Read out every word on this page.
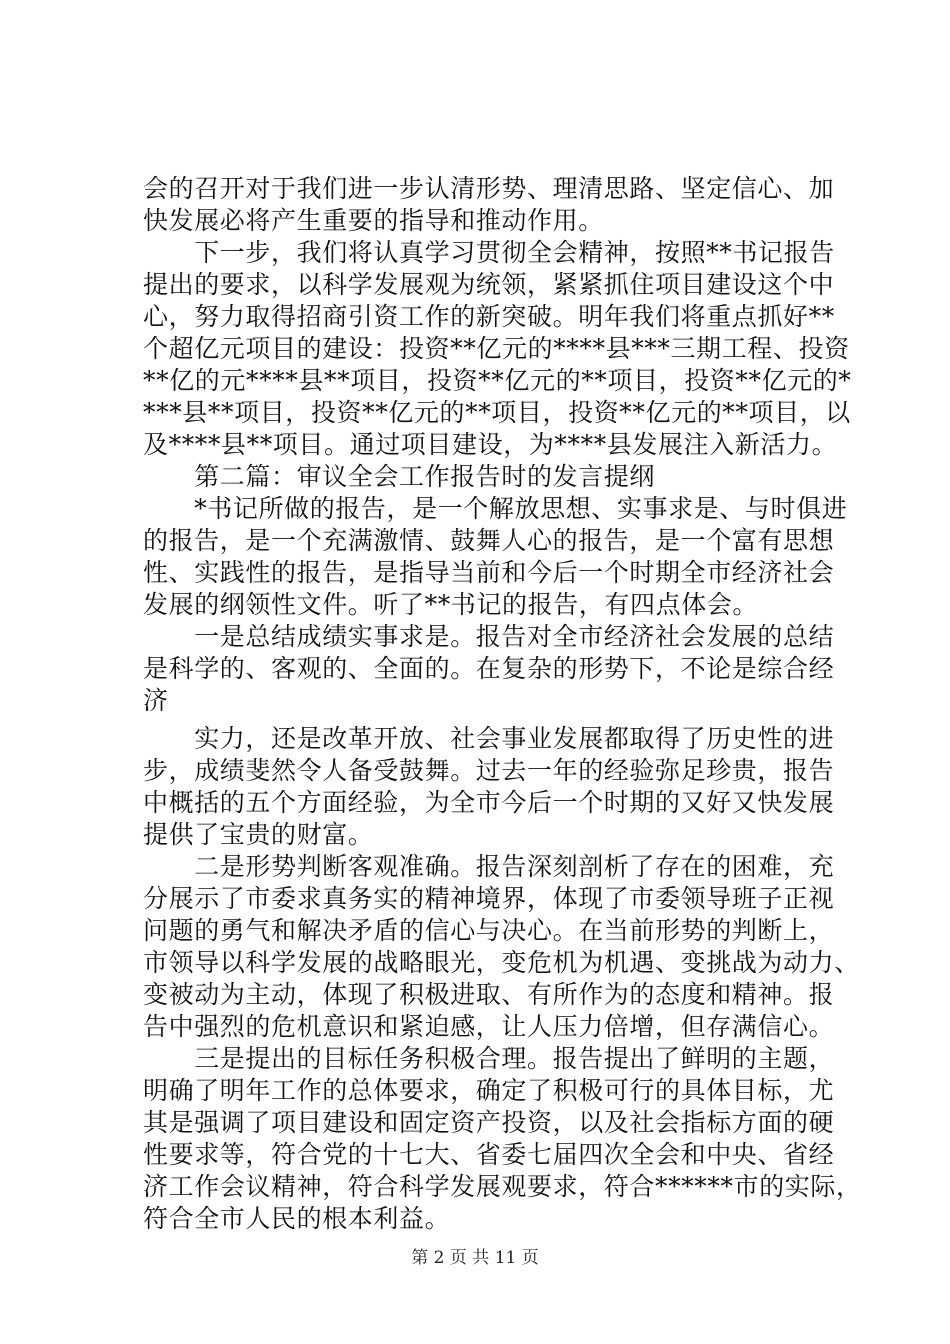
会的召开对于我们进一步认清形势、理清思路、坚定信心、加
快发展必将产生重要的指导和推动作用。
　　下一步，我们将认真学习贯彻全会精神，按照**书记报告
提出的要求，以科学发展观为统领，紧紧抓住项目建设这个中
心，努力取得招商引资工作的新突破。明年我们将重点抓好**
个超亿元项目的建设：投资**亿元的****县***三期工程、投资
**亿的元****县**项目，投资**亿元的**项目，投资**亿元的*
***县**项目，投资**亿元的**项目，投资**亿元的**项目，以
及****县**项目。通过项目建设，为****县发展注入新活力。
　　第二篇：审议全会工作报告时的发言提纲
　　*书记所做的报告，是一个解放思想、实事求是、与时俱进
的报告，是一个充满激情、鼓舞人心的报告，是一个富有思想
性、实践性的报告，是指导当前和今后一个时期全市经济社会
发展的纲领性文件。听了**书记的报告，有四点体会。
　　一是总结成绩实事求是。报告对全市经济社会发展的总结
是科学的、客观的、全面的。在复杂的形势下，不论是综合经
济
　　实力，还是改革开放、社会事业发展都取得了历史性的进
步，成绩斐然令人备受鼓舞。过去一年的经验弥足珍贵，报告
中概括的五个方面经验，为全市今后一个时期的又好又快发展
提供了宝贵的财富。
　　二是形势判断客观准确。报告深刻剖析了存在的困难，充
分展示了市委求真务实的精神境界，体现了市委领导班子正视
问题的勇气和解决矛盾的信心与决心。在当前形势的判断上，
市领导以科学发展的战略眼光，变危机为机遇、变挑战为动力、
变被动为主动，体现了积极进取、有所作为的态度和精神。报
告中强烈的危机意识和紧迫感，让人压力倍增，但存满信心。
　　三是提出的目标任务积极合理。报告提出了鲜明的主题，
明确了明年工作的总体要求，确定了积极可行的具体目标，尤
其是强调了项目建设和固定资产投资，以及社会指标方面的硬
性要求等，符合党的十七大、省委七届四次全会和中央、省经
济工作会议精神，符合科学发展观要求，符合******市的实际，
符合全市人民的根本利益。
第 2 页 共 11 页
